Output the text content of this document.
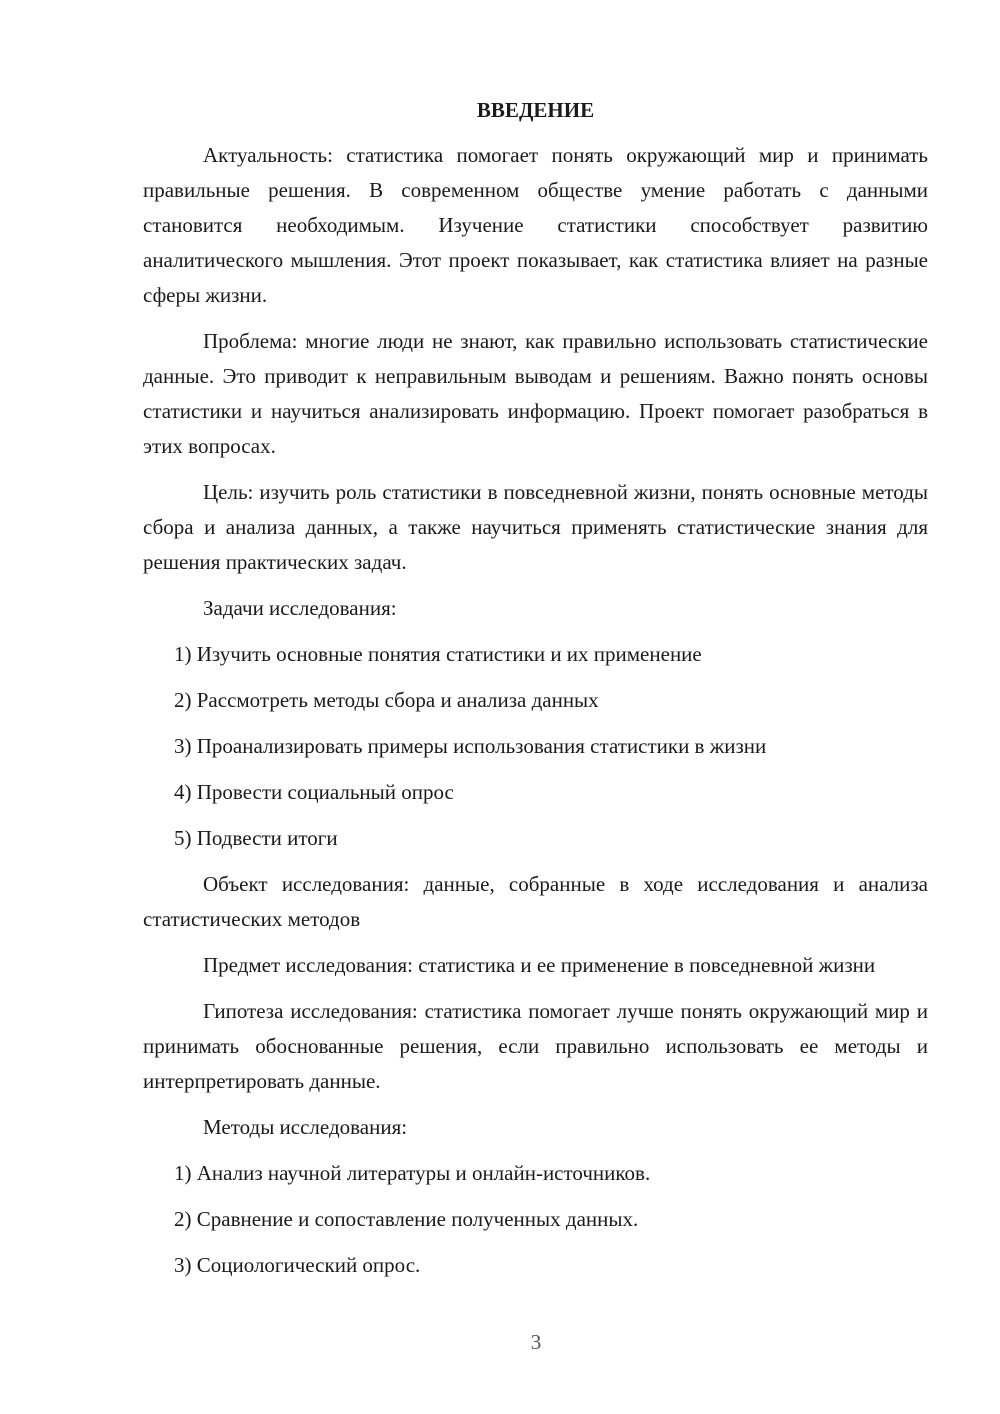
ВВЕДЕНИЕ

Актуальность: статистика помогает понять окружающий мир и принимать правильные решения. В современном обществе умение работать с данными становится необходимым. Изучение статистики способствует развитию аналитического мышления. Этот проект показывает, как статистика влияет на разные сферы жизни.

Проблема: многие люди не знают, как правильно использовать статистические данные. Это приводит к неправильным выводам и решениям. Важно понять основы статистики и научиться анализировать информацию. Проект помогает разобраться в этих вопросах.

Цель: изучить роль статистики в повседневной жизни, понять основные методы сбора и анализа данных, а также научиться применять статистические знания для решения практических задач.

Задачи исследования:

1) Изучить основные понятия статистики и их применение

2) Рассмотреть методы сбора и анализа данных

3) Проанализировать примеры использования статистики в жизни

4) Провести социальный опрос

5) Подвести итоги

Объект исследования: данные, собранные в ходе исследования и анализа статистических методов

Предмет исследования: статистика и ее применение в повседневной жизни

Гипотеза исследования: статистика помогает лучше понять окружающий мир и принимать обоснованные решения, если правильно использовать ее методы и интерпретировать данные.

Методы исследования:

1) Анализ научной литературы и онлайн-источников.

2) Сравнение и сопоставление полученных данных.

3) Социологический опрос.

3
